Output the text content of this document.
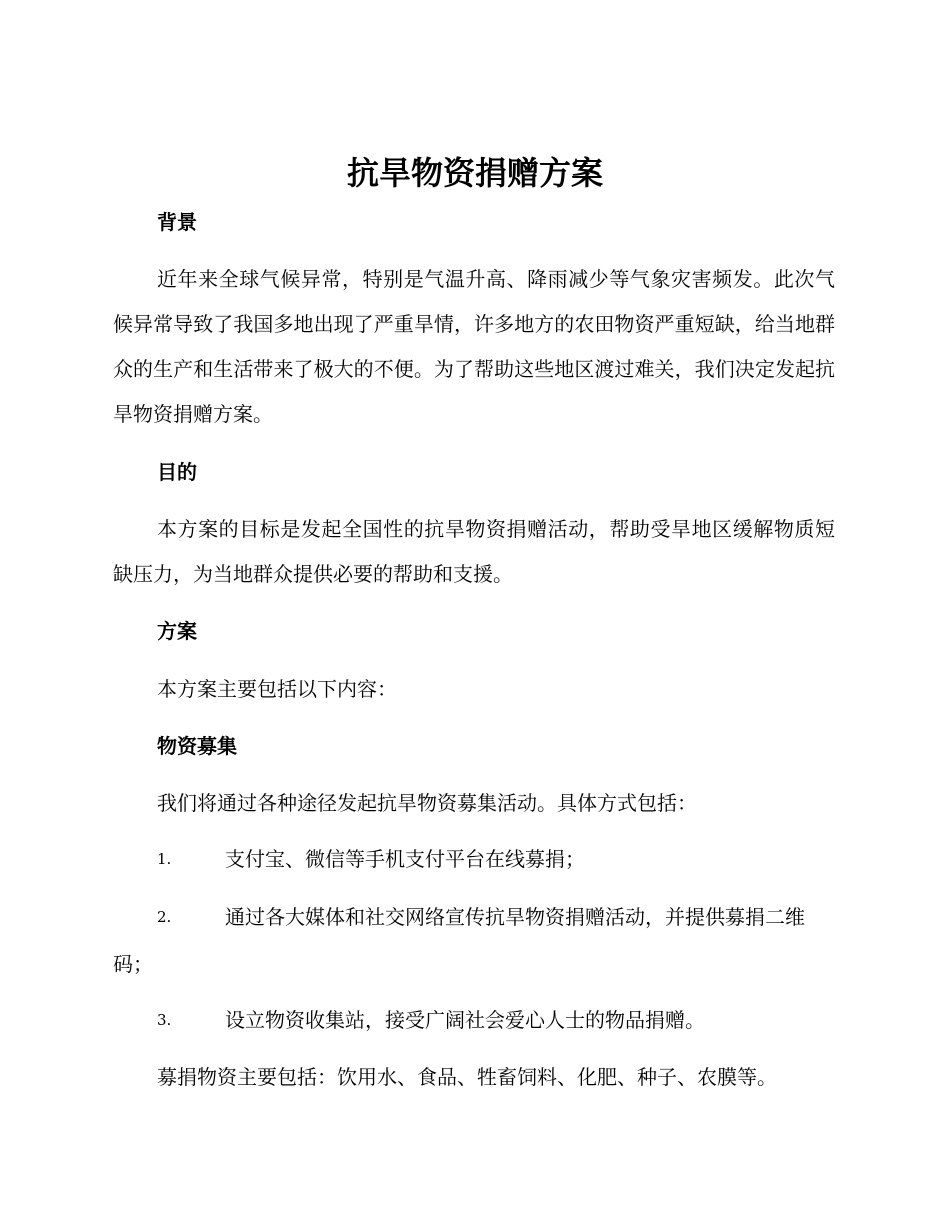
抗旱物资捐赠方案
背景
近年来全球气候异常，特别是气温升高、降雨减少等气象灾害频发。此次气候异常导致了我国多地出现了严重旱情，许多地方的农田物资严重短缺，给当地群众的生产和生活带来了极大的不便。为了帮助这些地区渡过难关，我们决定发起抗旱物资捐赠方案。
目的
本方案的目标是发起全国性的抗旱物资捐赠活动，帮助受旱地区缓解物质短缺压力，为当地群众提供必要的帮助和支援。
方案
本方案主要包括以下内容：
物资募集
我们将通过各种途径发起抗旱物资募集活动。具体方式包括：
1.	支付宝、微信等手机支付平台在线募捐；
2.	通过各大媒体和社交网络宣传抗旱物资捐赠活动，并提供募捐二维码；
3.	设立物资收集站，接受广阔社会爱心人士的物品捐赠。
募捐物资主要包括：饮用水、食品、牲畜饲料、化肥、种子、农膜等。
